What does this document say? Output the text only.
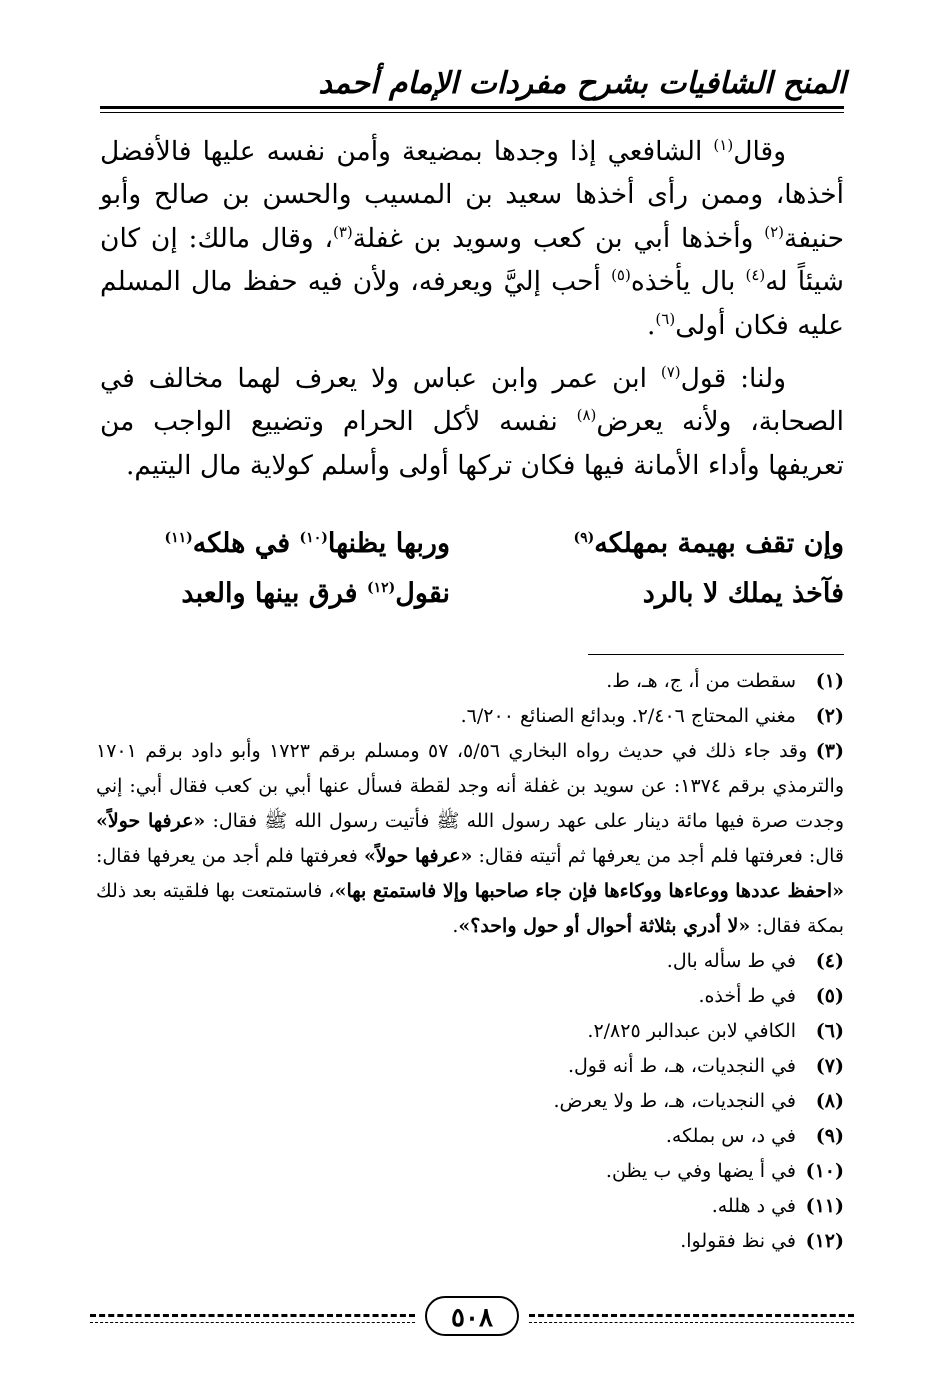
المنح الشافيات بشرح مفردات الإمام أحمد

وقال$^{(١)}$ الشافعي إذا وجدها بمضيعة وأمن نفسه عليها فالأفضل أخذها، وممن رأى أخذها سعيد بن المسيب والحسن بن صالح وأبو حنيفة$^{(٢)}$ وأخذها أبي بن كعب وسويد بن غفلة$^{(٣)}$، وقال مالك: إن كان شيئاً له$^{(٤)}$ بال يأخذه$^{(٥)}$ أحب إليَّ ويعرفه، ولأن فيه حفظ مال المسلم عليه فكان أولى$^{(٦)}$.

ولنا: قول$^{(٧)}$ ابن عمر وابن عباس ولا يعرف لهما مخالف في الصحابة، ولأنه يعرض$^{(٨)}$ نفسه لأكل الحرام وتضييع الواجب من تعريفها وأداء الأمانة فيها فكان تركها أولى وأسلم كولاية مال اليتيم.

وإن تقف بهيمة بمهلكه$^{(٩)}$
وربها يظنها$^{(١٠)}$ في هلكه$^{(١١)}$
فآخذ يملك لا بالرد
نقول$^{(١٢)}$ فرق بينها والعبد
(١)
سقطت من أ، ج، هـ، ط.
(٢)
مغني المحتاج ٢/٤٠٦. وبدائع الصنائع ٦/٢٠٠.
(٣) وقد جاء ذلك في حديث رواه البخاري ٥/٥٦، ٥٧ ومسلم برقم ١٧٢٣ وأبو داود برقم ١٧٠١ والترمذي برقم ١٣٧٤: عن سويد بن غفلة أنه وجد لقطة فسأل عنها أبي بن كعب فقال أبي: إني وجدت صرة فيها مائة دينار على عهد رسول الله ﷺ فأتيت رسول الله ﷺ فقال: «عرفها حولاً» قال: فعرفتها فلم أجد من يعرفها ثم أتيته فقال: «عرفها حولاً» فعرفتها فلم أجد من يعرفها فقال: «احفظ عددها ووعاءها ووكاءها فإن جاء صاحبها وإلا فاستمتع بها»، فاستمتعت بها فلقيته بعد ذلك بمكة فقال: «لا أدري بثلاثة أحوال أو حول واحد؟».
(٤)
في ط سأله بال.
(٥)
في ط أخذه.
(٦)
الكافي لابن عبدالبر ٢/٨٢٥.
(٧)
في النجديات، هـ، ط أنه قول.
(٨)
في النجديات، هـ، ط ولا يعرض.
(٩)
في د، س بملكه.
(١٠)
في أ يضها وفي ب يظن.
(١١)
في د هلله.
(١٢)
في نظ فقولوا.
٥٠٨
